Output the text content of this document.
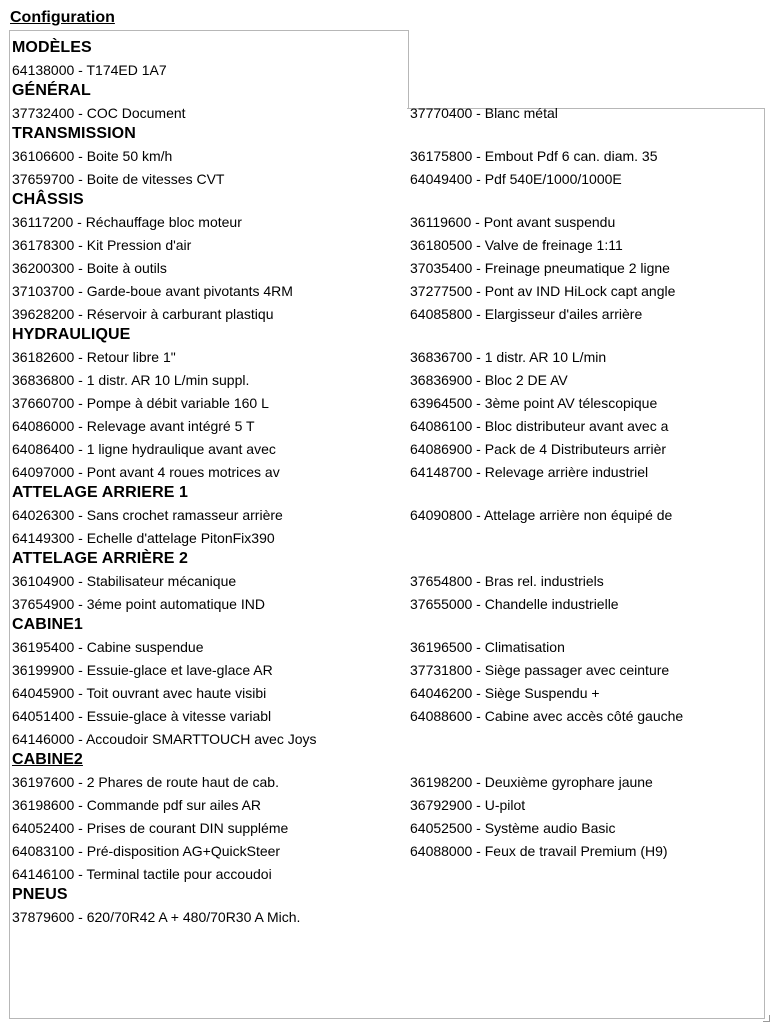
Configuration
MODÈLES
64138000 - T174ED 1A7
GÉNÉRAL
37732400 - COC Document	37770400 - Blanc métal
TRANSMISSION
36106600 - Boite 50 km/h	36175800 - Embout Pdf 6 can. diam. 35
37659700 - Boite de vitesses CVT	64049400 - Pdf 540E/1000/1000E
CHÂSSIS
36117200 - Réchauffage bloc moteur	36119600 - Pont avant suspendu
36178300 - Kit Pression d'air	36180500 - Valve de freinage 1:11
36200300 - Boite à outils	37035400 - Freinage pneumatique 2 ligne
37103700 - Garde-boue avant pivotants 4RM	37277500 - Pont av IND HiLock capt angle
39628200 - Réservoir à carburant plastiqu	64085800 - Elargisseur d'ailes arrière
HYDRAULIQUE
36182600 - Retour libre 1"	36836700 - 1 distr. AR 10 L/min
36836800 - 1 distr. AR 10 L/min suppl.	36836900 - Bloc 2 DE AV
37660700 - Pompe à débit variable 160 L	63964500 - 3ème point AV télescopique
64086000 - Relevage avant intégré 5 T	64086100 - Bloc distributeur avant avec a
64086400 - 1 ligne hydraulique avant avec	64086900 - Pack de 4 Distributeurs arrièr
64097000 - Pont avant 4 roues motrices av	64148700 - Relevage arrière industriel
ATTELAGE ARRIERE 1
64026300 - Sans crochet ramasseur arrière	64090800 - Attelage arrière non équipé de
64149300 - Echelle d'attelage PitonFix390
ATTELAGE ARRIÈRE 2
36104900 - Stabilisateur mécanique	37654800 - Bras rel. industriels
37654900 - 3éme point automatique IND	37655000 - Chandelle industrielle
CABINE1
36195400 - Cabine suspendue	36196500 - Climatisation
36199900 - Essuie-glace et lave-glace AR	37731800 - Siège passager avec ceinture
64045900 - Toit ouvrant avec haute visibi	64046200 - Siège Suspendu +
64051400 - Essuie-glace à vitesse variabl	64088600 - Cabine avec accès côté gauche
64146000 - Accoudoir SMARTTOUCH avec Joys
CABINE2
36197600 - 2 Phares de route haut de cab.	36198200 - Deuxième gyrophare jaune
36198600 - Commande pdf sur ailes AR	36792900 - U-pilot
64052400 - Prises de courant DIN suppléme	64052500 - Système audio Basic
64083100 - Pré-disposition AG+QuickSteer	64088000 - Feux de travail Premium (H9)
64146100 - Terminal tactile pour accoudoi
PNEUS
37879600 - 620/70R42 A + 480/70R30 A Mich.
